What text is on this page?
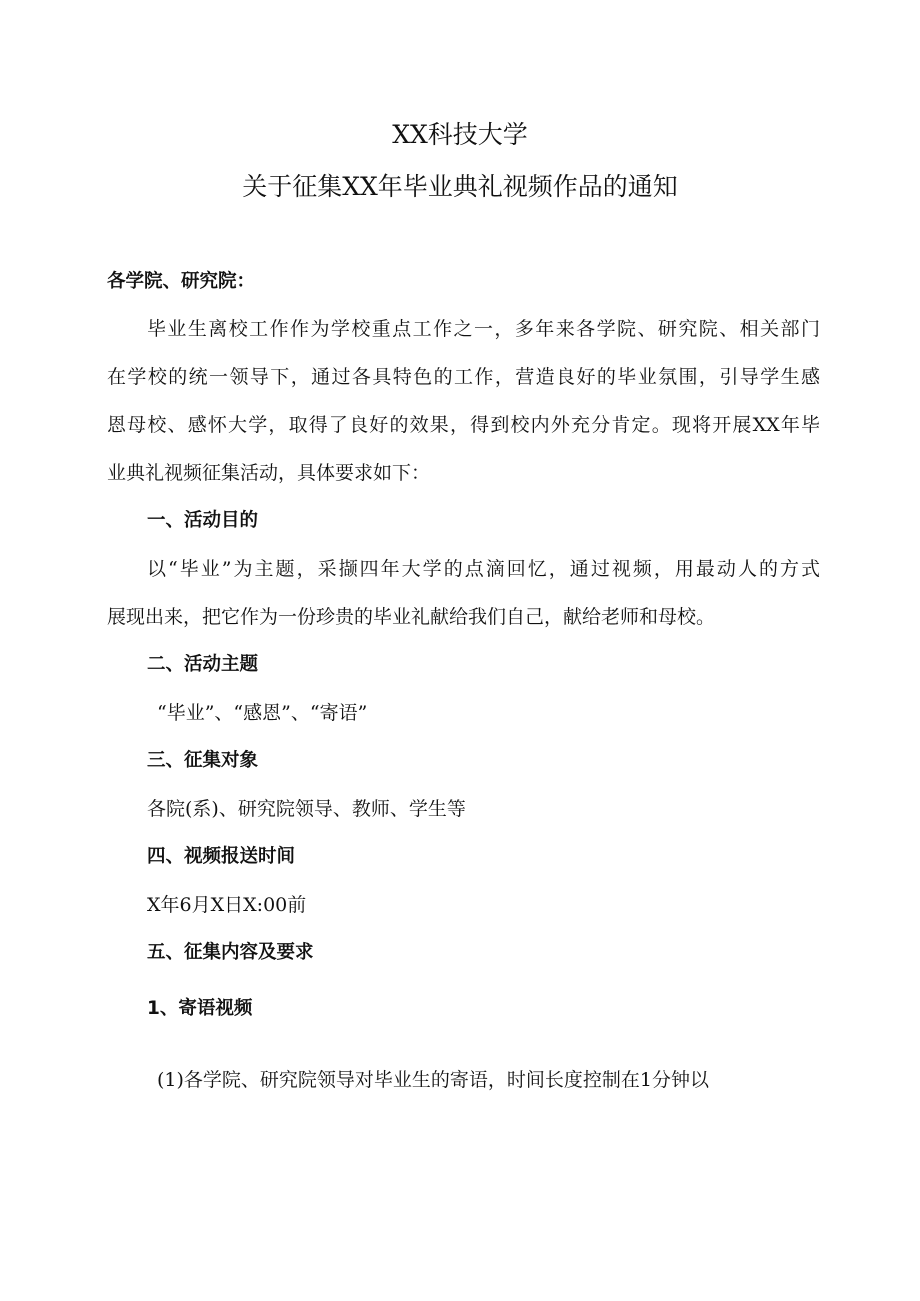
XX科技大学
关于征集XX年毕业典礼视频作品的通知
各学院、研究院：
毕业生离校工作作为学校重点工作之一，多年来各学院、研究院、相关部门
在学校的统一领导下，通过各具特色的工作，营造良好的毕业氛围，引导学生感
恩母校、感怀大学，取得了良好的效果，得到校内外充分肯定。现将开展XX年毕
业典礼视频征集活动，具体要求如下：
一、活动目的
以“毕业”为主题，采撷四年大学的点滴回忆，通过视频，用最动人的方式
展现出来，把它作为一份珍贵的毕业礼献给我们自己，献给老师和母校。
二、活动主题
“毕业”、“感恩”、“寄语”
三、征集对象
各院(系)、研究院领导、教师、学生等
四、视频报送时间
X年6月X日X:00前
五、征集内容及要求
1、寄语视频
(1)各学院、研究院领导对毕业生的寄语，时间长度控制在1分钟以
